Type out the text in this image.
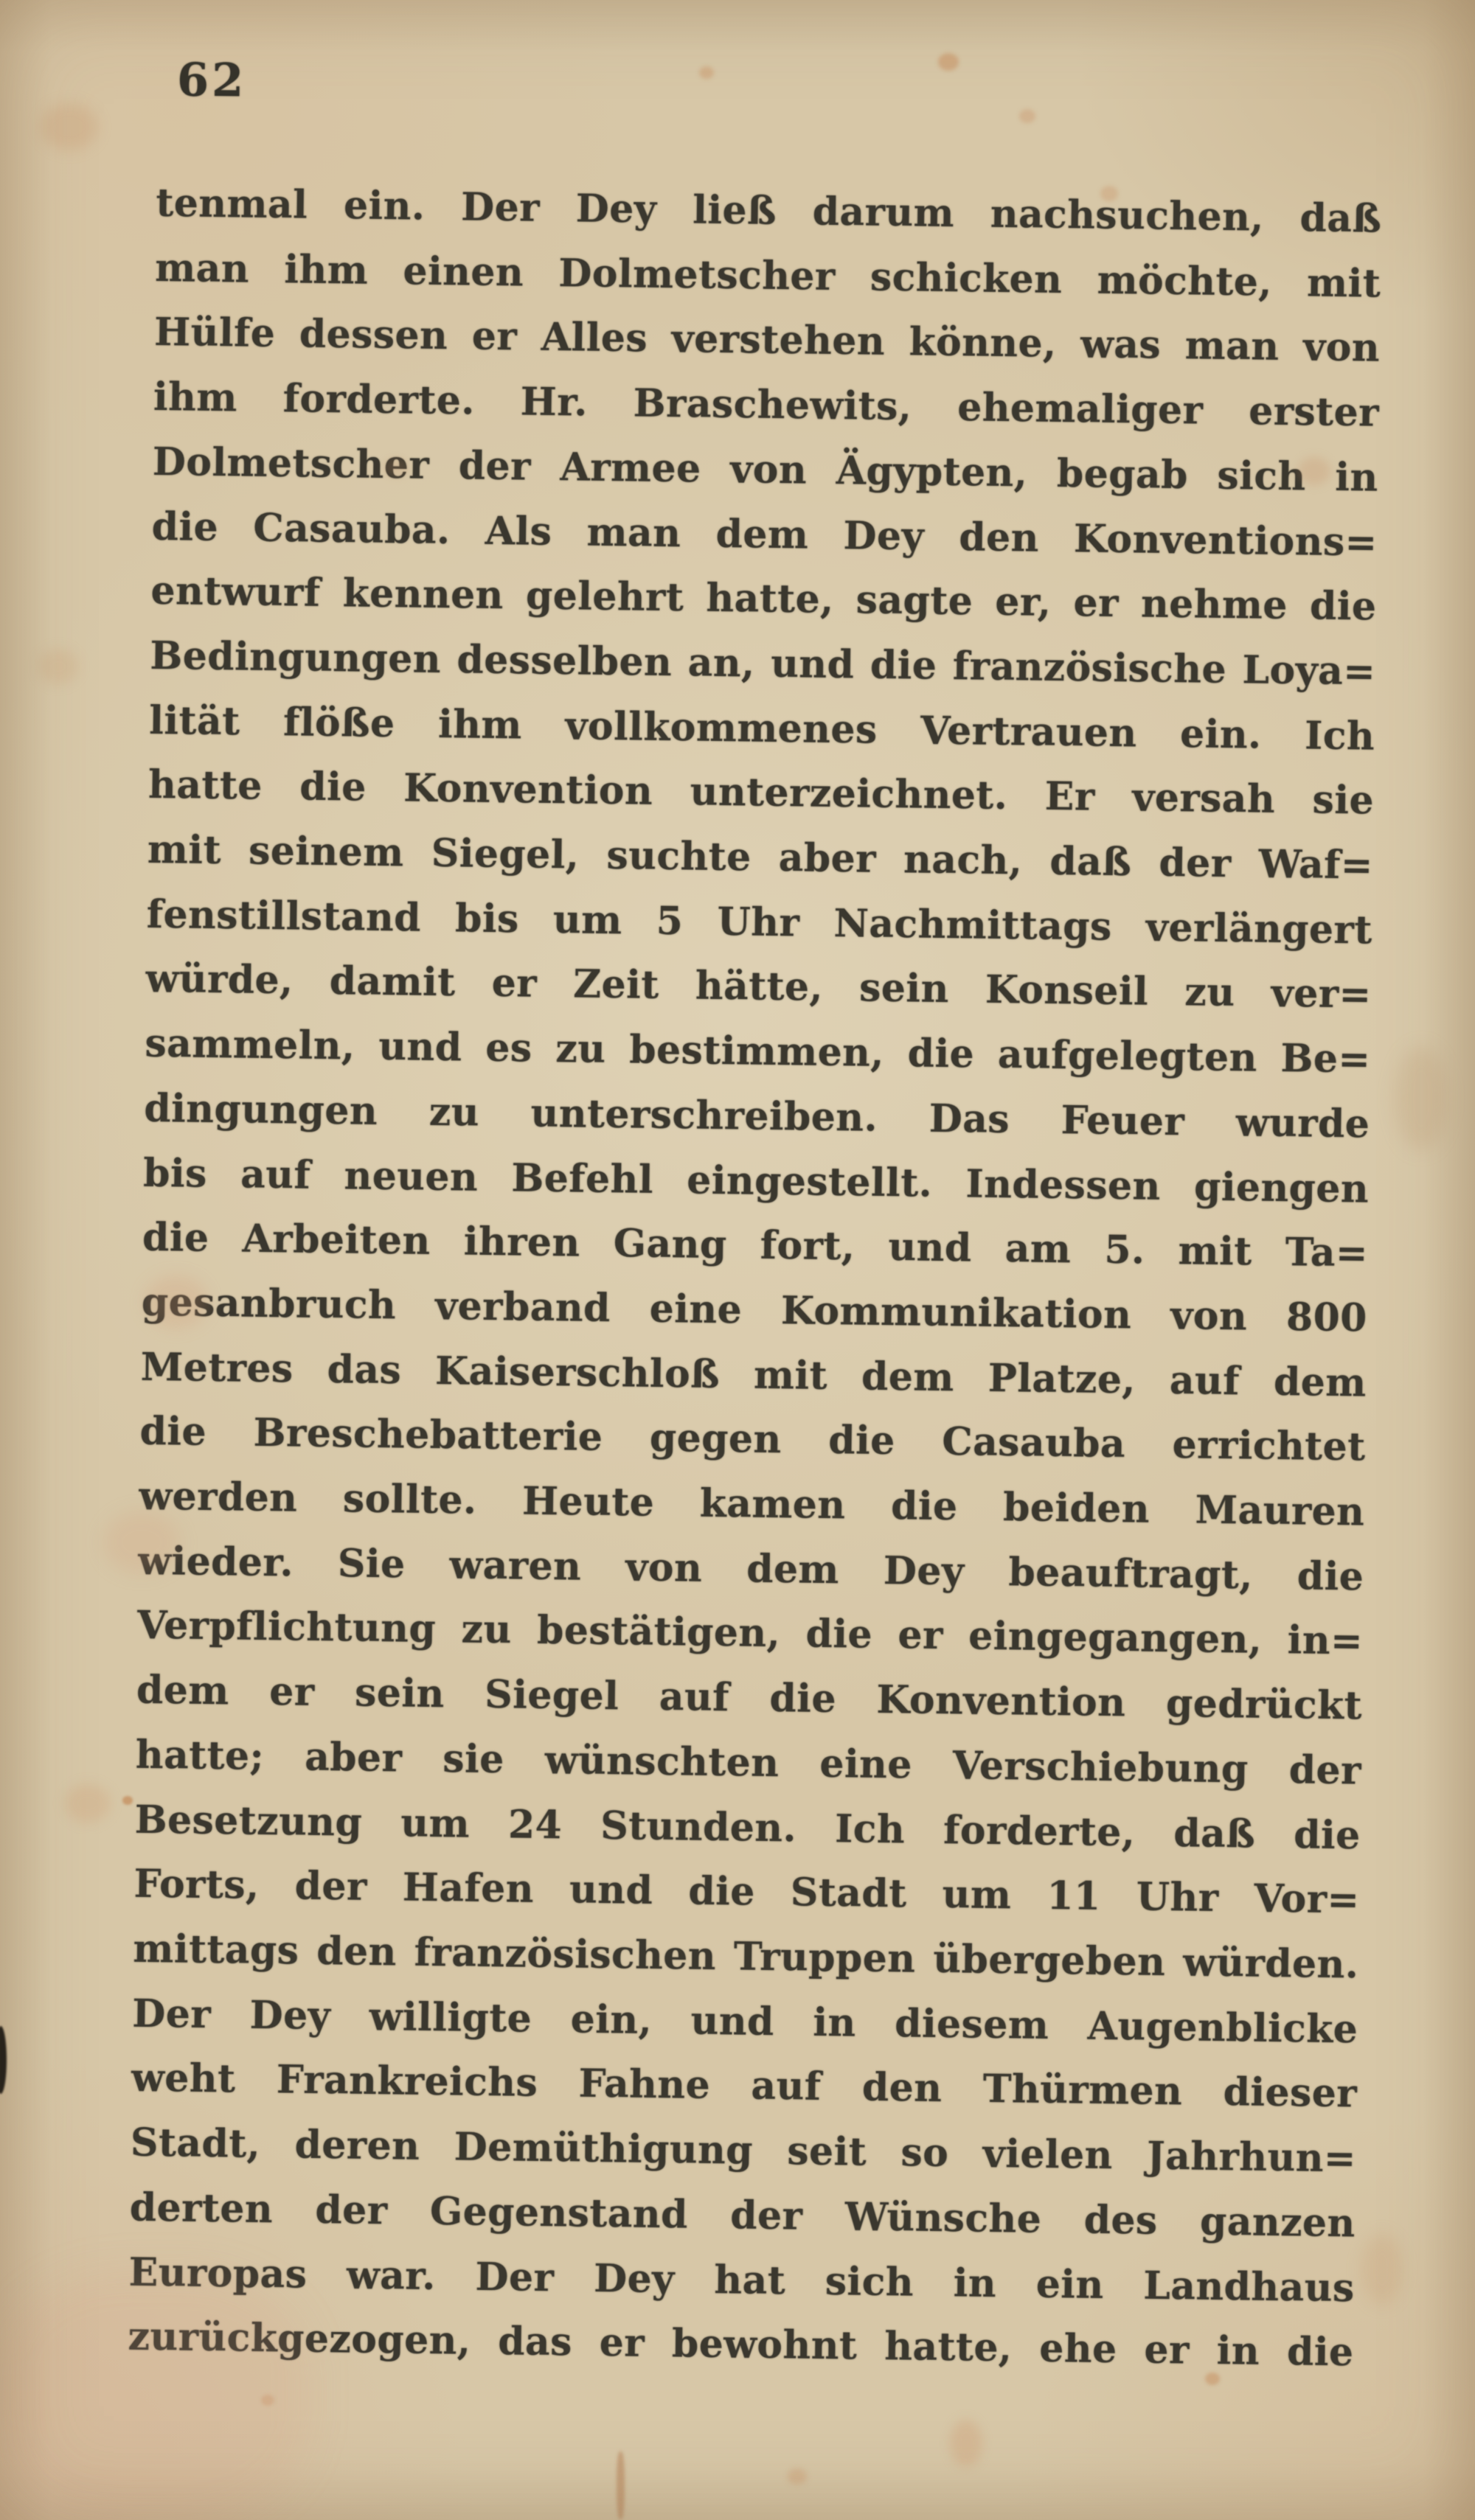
62

tenmal ein. Der Dey ließ darum nachsuchen, daß

man ihm einen Dolmetscher schicken möchte, mit

Hülfe dessen er Alles verstehen könne, was man von

ihm forderte. Hr. Braschewits, ehemaliger erster

Dolmetscher der Armee von Ägypten, begab sich in

die Casauba. Als man dem Dey den Konventions=

entwurf kennen gelehrt hatte, sagte er, er nehme die

Bedingungen desselben an, und die französische Loya=

lität flöße ihm vollkommenes Vertrauen ein. Ich

hatte die Konvention unterzeichnet. Er versah sie

mit seinem Siegel, suchte aber nach, daß der Waf=

fenstillstand bis um 5 Uhr Nachmittags verlängert

würde, damit er Zeit hätte, sein Konseil zu ver=

sammeln, und es zu bestimmen, die aufgelegten Be=

dingungen zu unterschreiben. Das Feuer wurde

bis auf neuen Befehl eingestellt. Indessen giengen

die Arbeiten ihren Gang fort, und am 5. mit Ta=

gesanbruch verband eine Kommunikation von 800

Metres das Kaiserschloß mit dem Platze, auf dem

die Breschebatterie gegen die Casauba errichtet

werden sollte. Heute kamen die beiden Mauren

wieder. Sie waren von dem Dey beauftragt, die

Verpflichtung zu bestätigen, die er eingegangen, in=

dem er sein Siegel auf die Konvention gedrückt

hatte; aber sie wünschten eine Verschiebung der

Besetzung um 24 Stunden. Ich forderte, daß die

Forts, der Hafen und die Stadt um 11 Uhr Vor=

mittags den französischen Truppen übergeben würden.

Der Dey willigte ein, und in diesem Augenblicke

weht Frankreichs Fahne auf den Thürmen dieser

Stadt, deren Demüthigung seit so vielen Jahrhun=

derten der Gegenstand der Wünsche des ganzen

Europas war. Der Dey hat sich in ein Landhaus

zurückgezogen, das er bewohnt hatte, ehe er in die
